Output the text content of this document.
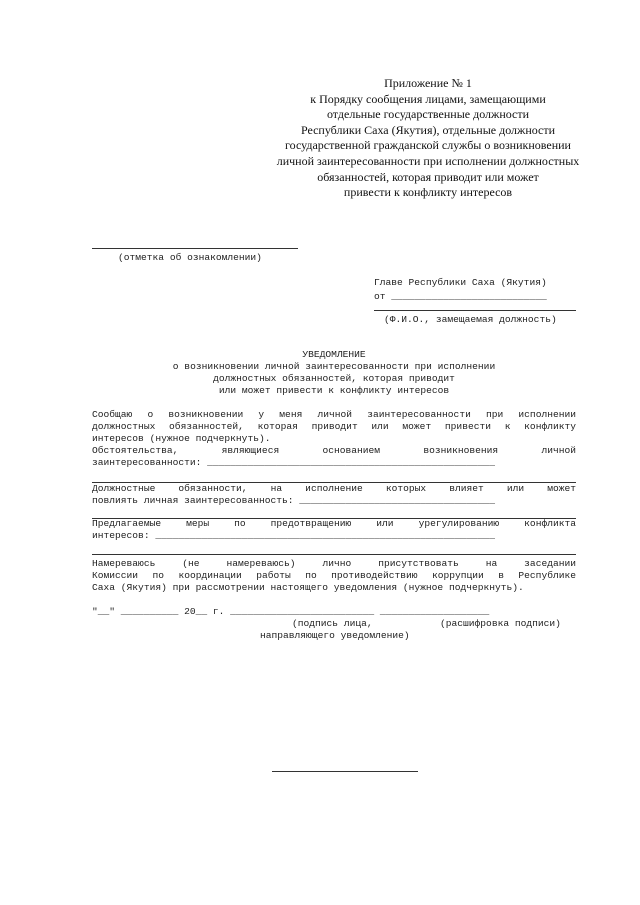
Приложение № 1
к Порядку сообщения лицами, замещающими
отдельные государственные должности
Республики Саха (Якутия), отдельные должности
государственной гражданской службы о возникновении
личной заинтересованности при исполнении должностных
обязанностей, которая приводит или может
привести к конфликту интересов
(отметка об ознакомлении)
Главе Республики Саха (Якутия)
от ___________________________
(Ф.И.О., замещаемая должность)
УВЕДОМЛЕНИЕ
о возникновении личной заинтересованности при исполнении
должностных обязанностей, которая приводит
или может привести к конфликту интересов
Сообщаю о возникновении у меня личной заинтересованности при исполнении
должностных обязанностей, которая приводит или может привести к конфликту
интересов (нужное подчеркнуть).
Обстоятельства, являющиеся основанием возникновения личной
заинтересованности: __________________________________________________
Должностные обязанности, на исполнение которых влияет или может
повлиять личная заинтересованность: __________________________________
Предлагаемые меры по предотвращению или урегулированию конфликта
интересов: ___________________________________________________________
Намереваюсь (не намереваюсь) лично присутствовать на заседании
Комиссии по координации работы по противодействию коррупции в Республике
Саха (Якутия) при рассмотрении настоящего уведомления (нужное подчеркнуть).
"__" __________ 20__ г. _________________________ ___________________
(подпись лица,
направляющего уведомление)
(расшифровка подписи)
